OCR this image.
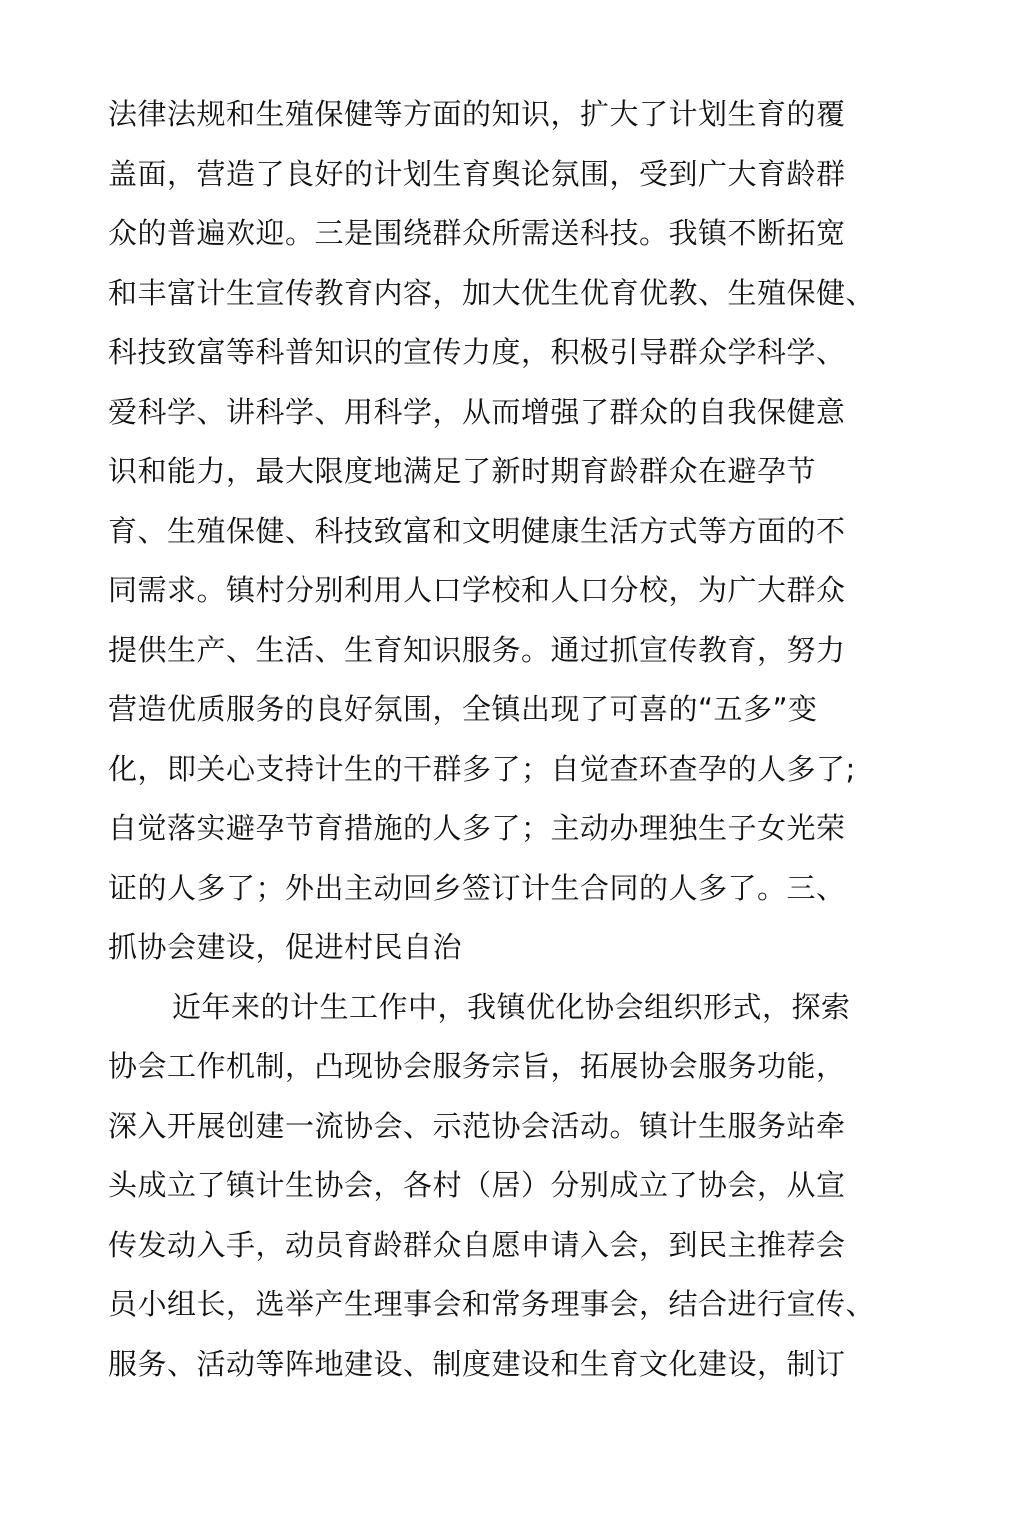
法律法规和生殖保健等方面的知识，扩大了计划生育的覆
盖面，营造了良好的计划生育舆论氛围，受到广大育龄群
众的普遍欢迎。三是围绕群众所需送科技。我镇不断拓宽
和丰富计生宣传教育内容，加大优生优育优教、生殖保健、
科技致富等科普知识的宣传力度，积极引导群众学科学、
爱科学、讲科学、用科学，从而增强了群众的自我保健意
识和能力，最大限度地满足了新时期育龄群众在避孕节
育、生殖保健、科技致富和文明健康生活方式等方面的不
同需求。镇村分别利用人口学校和人口分校，为广大群众
提供生产、生活、生育知识服务。通过抓宣传教育，努力
营造优质服务的良好氛围，全镇出现了可喜的“五多”变
化，即关心支持计生的干群多了；自觉查环查孕的人多了;
自觉落实避孕节育措施的人多了；主动办理独生子女光荣
证的人多了；外出主动回乡签订计生合同的人多了。三、
抓协会建设，促进村民自治
近年来的计生工作中，我镇优化协会组织形式，探索
协会工作机制，凸现协会服务宗旨，拓展协会服务功能，
深入开展创建一流协会、示范协会活动。镇计生服务站牵
头成立了镇计生协会，各村（居）分别成立了协会，从宣
传发动入手，动员育龄群众自愿申请入会，到民主推荐会
员小组长，选举产生理事会和常务理事会，结合进行宣传、
服务、活动等阵地建设、制度建设和生育文化建设，制订
